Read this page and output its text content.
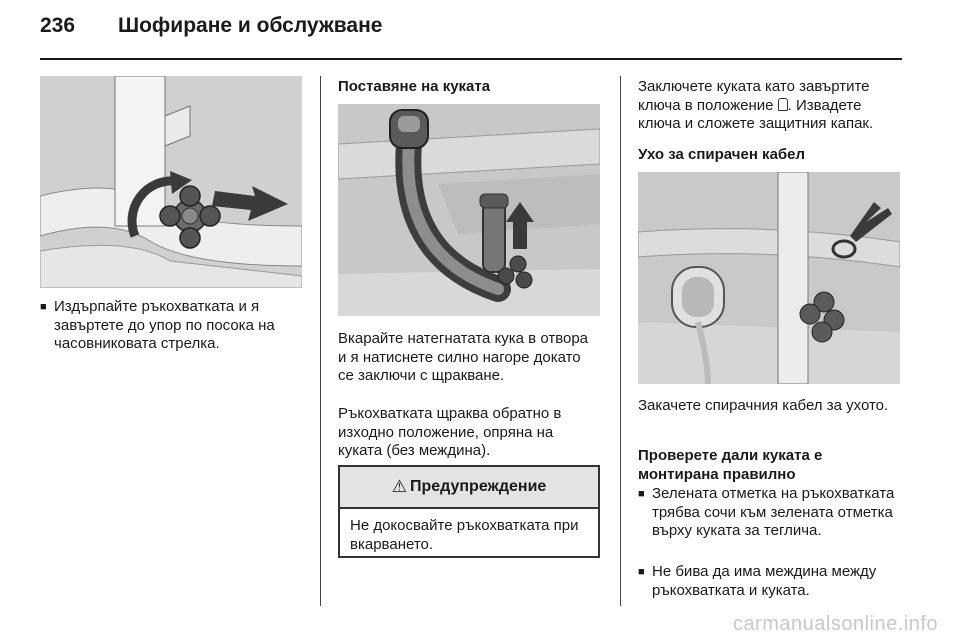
236 Шофиране и обслужване
■ Издърпайте ръкохватката и я завъртете до упор по посока на часовниковата стрелка.
Поставяне на куката
Вкарайте натегнатата кука в отвора и я натиснете силно нагоре докато се заключи с щракване.
Ръкохватката щраква обратно в изходно положение, опряна на куката (без междина).
⚠ Предупреждение
Не докосвайте ръкохватката при вкарването.
Заключете куката като завъртите ключа в положение . Извадете ключа и сложете защитния капак.
Ухо за спирачен кабел
Закачете спирачния кабел за ухото.
Проверете дали куката е монтирана правилно
■ Зелената отметка на ръкохватката трябва сочи към зелената отметка върху куката за теглича.
■ Не бива да има междина между ръкохватката и куката.
carmanualsonline.info
